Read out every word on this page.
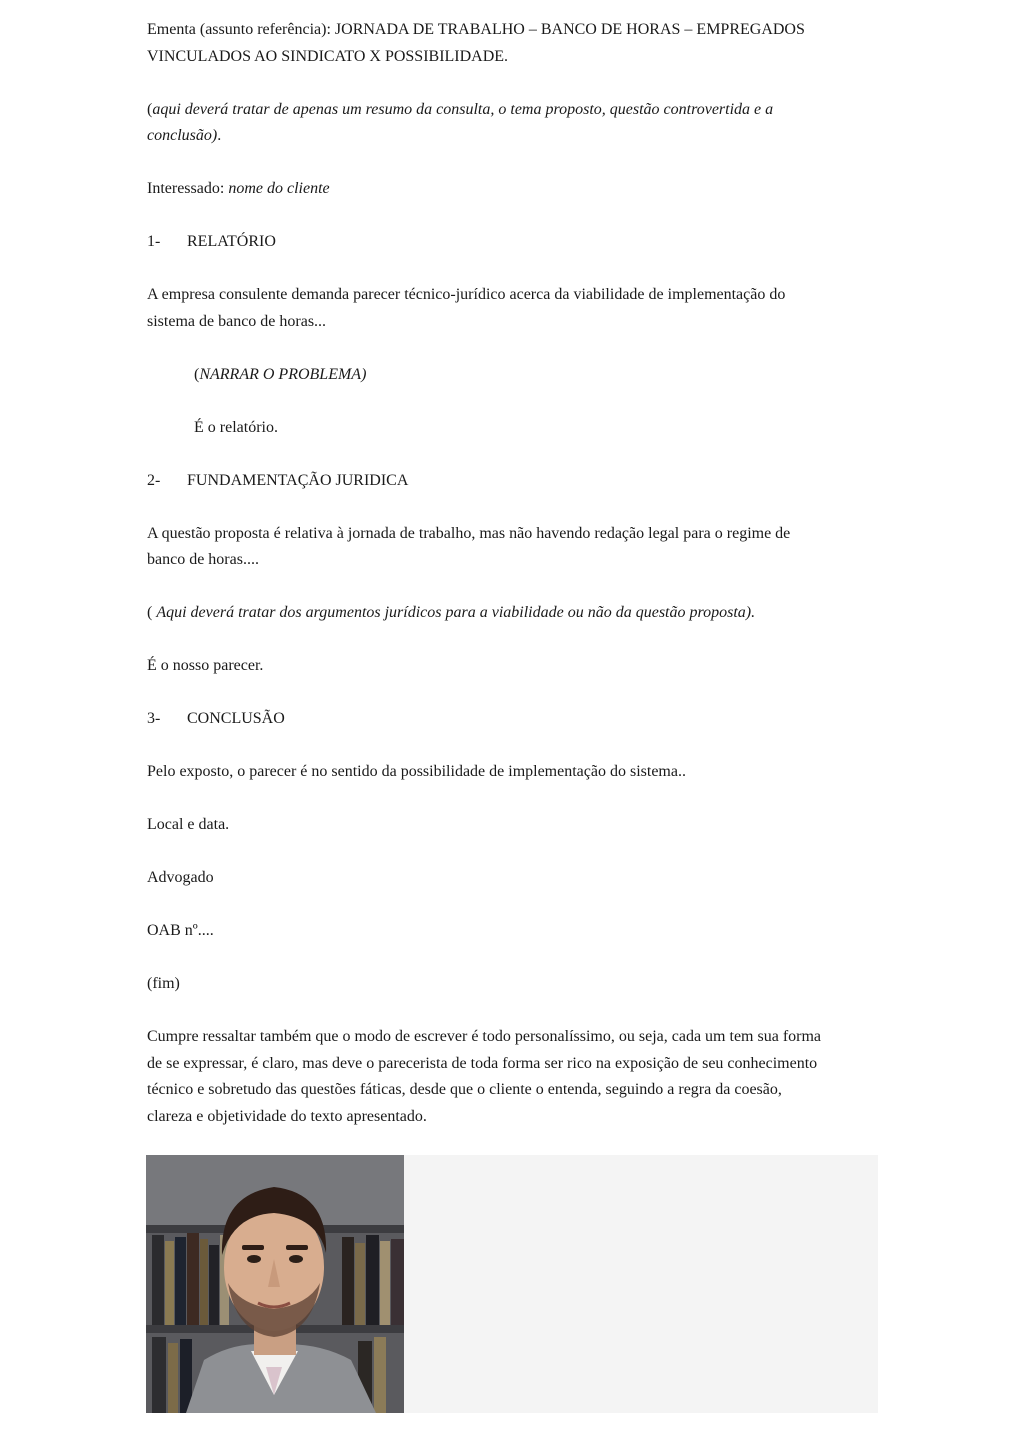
Ementa (assunto referência): JORNADA DE TRABALHO – BANCO DE HORAS – EMPREGADOS

VINCULADOS AO SINDICATO X POSSIBILIDADE.

(aqui deverá tratar de apenas um resumo da consulta, o tema proposto, questão controvertida e a

conclusão).

Interessado: nome do cliente

1- RELATÓRIO

A empresa consulente demanda parecer técnico-jurídico acerca da viabilidade de implementação do

sistema de banco de horas...

(NARRAR O PROBLEMA)

É o relatório.

2- FUNDAMENTAÇÃO JURIDICA

A questão proposta é relativa à jornada de trabalho, mas não havendo redação legal para o regime de

banco de horas....

( Aqui deverá tratar dos argumentos jurídicos para a viabilidade ou não da questão proposta).

É o nosso parecer.

3- CONCLUSÃO

Pelo exposto, o parecer é no sentido da possibilidade de implementação do sistema..

Local e data.

Advogado

OAB nº....

(fim)

Cumpre ressaltar também que o modo de escrever é todo personalíssimo, ou seja, cada um tem sua forma

de se expressar, é claro, mas deve o parecerista de toda forma ser rico na exposição de seu conhecimento

técnico e sobretudo das questões fáticas, desde que o cliente o entenda, seguindo a regra da coesão,

clareza e objetividade do texto apresentado.
